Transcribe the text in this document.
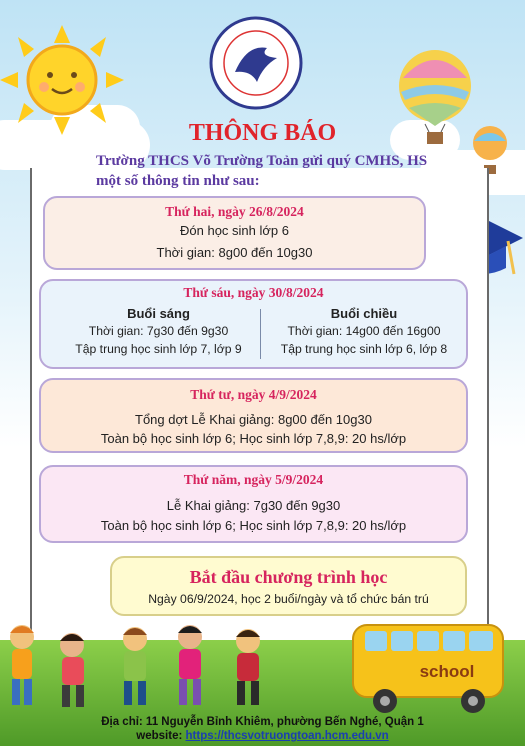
THÔNG BÁO
Trường THCS Võ Trường Toản gửi quý CMHS, HS
một số thông tin như sau:
Thứ hai, ngày 26/8/2024
Đón học sinh lớp 6
Thời gian: 8g00 đến 10g30
Thứ sáu, ngày 30/8/2024
Buổi sáng
Thời gian: 7g30 đến 9g30
Tập trung học sinh lớp 7, lớp 9
Buổi chiều
Thời gian: 14g00 đến 16g00
Tập trung học sinh lớp 6, lớp 8
Thứ tư, ngày 4/9/2024
Tổng dợt Lễ Khai giảng: 8g00 đến 10g30
Toàn bộ học sinh lớp 6; Học sinh lớp 7,8,9: 20 hs/lớp
Thứ năm, ngày 5/9/2024
Lễ Khai giảng: 7g30 đến 9g30
Toàn bộ học sinh lớp 6; Học sinh lớp 7,8,9: 20 hs/lớp
Bắt đầu chương trình học
Ngày 06/9/2024, học 2 buổi/ngày và tổ chức bán trú
school
Địa chỉ: 11 Nguyễn Bỉnh Khiêm, phường Bến Nghé, Quận 1
website: https://thcsvotruongtoan.hcm.edu.vn
